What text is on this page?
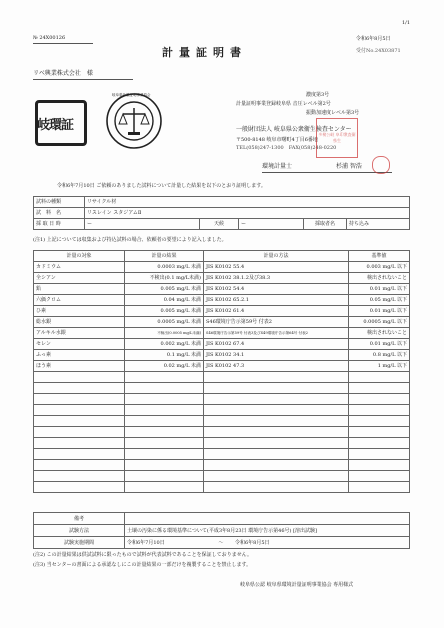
1/1
№ 24X00126
計量証明書
令和6年8月5日
受付No.24X03871
リベ興業株式会社　様
岐環証
岐阜県計量証明事業協会	濃度第3号
計量証明事業登録岐阜県 音圧レベル第2号
振動加速度レベル第3号
一般財団法人 岐阜県公衆衛生検査センター
〒500-8148 岐阜市曙町4丁目6番地
TEL(058)247-1300　FAX(058)248-0220
多検公岐 阜印衆査衛 県生
環境計量士	杉浦 智浩
令和6年7月10日 ご依頼のありました試料について計量した結果を以下のとおり証明します。
試料の種類	リサイクル材				
試　料　名	リスレイン スタジアムⅡ				
採 取 日 時	ー	天候	ー	採取者名	持ち込み
(注1) 上記については収集および持込試料の場合、依頼者の要望により記入しました。
計量の対象	計量の結果	計量の方法	基準値
カドミウム	0.0003 mg/L 未満	JIS K0102 55.4	0.003 mg/L 以下
全シアン	不検出(0.1 mg/L未満)	JIS K0102 38.1.2及び38.3	検出されないこと
鉛	0.005 mg/L 未満	JIS K0102 54.4	0.01 mg/L 以下
六価クロム	0.04 mg/L 未満	JIS K0102 65.2.1	0.05 mg/L 以下
ひ素	0.005 mg/L 未満	JIS K0102 61.4	0.01 mg/L 以下
総水銀	0.0005 mg/L 未満	S46環境庁告示第59号 付表2	0.0005 mg/L 以下
アルキル水銀	不検出(0.0005 mg/L未満)	S46環境庁告示第59号 付表3及びS49環境庁告示第64号 付表2	検出されないこと
セレン	0.002 mg/L 未満	JIS K0102 67.4	0.01 mg/L 以下
ふっ素	0.1 mg/L 未満	JIS K0102 34.1	0.8 mg/L 以下
ほう素	0.02 mg/L 未満	JIS K0102 47.3	1 mg/L 以下

備考			
試験方法	土壌の汚染に係る環境基準について(平成3年8月23日 環境庁告示第46号) [溶出試験]		
試験実施期間	令和6年7月10日	～	令和6年8月5日
(注2) この計量結果は供試試料に限ったもので試料が代表試料であることを保証しておりません。
(注3) 当センターの書面による承認なしにこの計量結果の一部だけを複製することを禁止します。
岐阜県公認 岐阜県環境計量証明事業協会 専用様式
